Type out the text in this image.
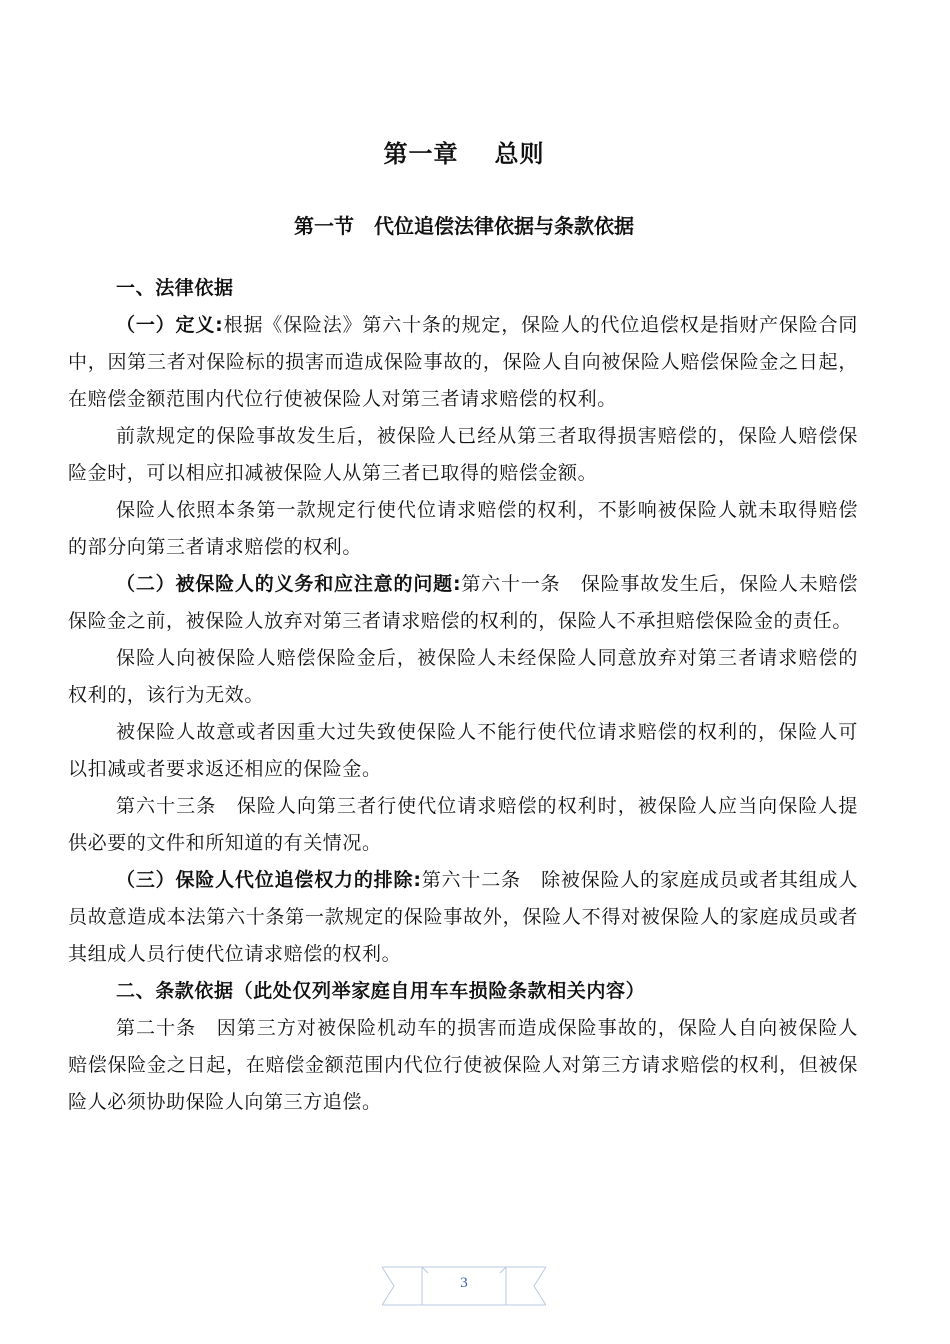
第一章 总则
第一节 代位追偿法律依据与条款依据

一、法律依据

（一）定义:根据《保险法》第六十条的规定，保险人的代位追偿权是指财产保险合同中，因第三者对保险标的损害而造成保险事故的，保险人自向被保险人赔偿保险金之日起，在赔偿金额范围内代位行使被保险人对第三者请求赔偿的权利。

前款规定的保险事故发生后，被保险人已经从第三者取得损害赔偿的，保险人赔偿保险金时，可以相应扣减被保险人从第三者已取得的赔偿金额。

保险人依照本条第一款规定行使代位请求赔偿的权利，不影响被保险人就未取得赔偿的部分向第三者请求赔偿的权利。

（二）被保险人的义务和应注意的问题:第六十一条 保险事故发生后，保险人未赔偿保险金之前，被保险人放弃对第三者请求赔偿的权利的，保险人不承担赔偿保险金的责任。

保险人向被保险人赔偿保险金后，被保险人未经保险人同意放弃对第三者请求赔偿的权利的，该行为无效。

被保险人故意或者因重大过失致使保险人不能行使代位请求赔偿的权利的，保险人可以扣减或者要求返还相应的保险金。

第六十三条 保险人向第三者行使代位请求赔偿的权利时，被保险人应当向保险人提供必要的文件和所知道的有关情况。

（三）保险人代位追偿权力的排除:第六十二条 除被保险人的家庭成员或者其组成人员故意造成本法第六十条第一款规定的保险事故外，保险人不得对被保险人的家庭成员或者其组成人员行使代位请求赔偿的权利。

二、条款依据（此处仅列举家庭自用车车损险条款相关内容）

第二十条 因第三方对被保险机动车的损害而造成保险事故的，保险人自向被保险人赔偿保险金之日起，在赔偿金额范围内代位行使被保险人对第三方请求赔偿的权利，但被保险人必须协助保险人向第三方追偿。

3
